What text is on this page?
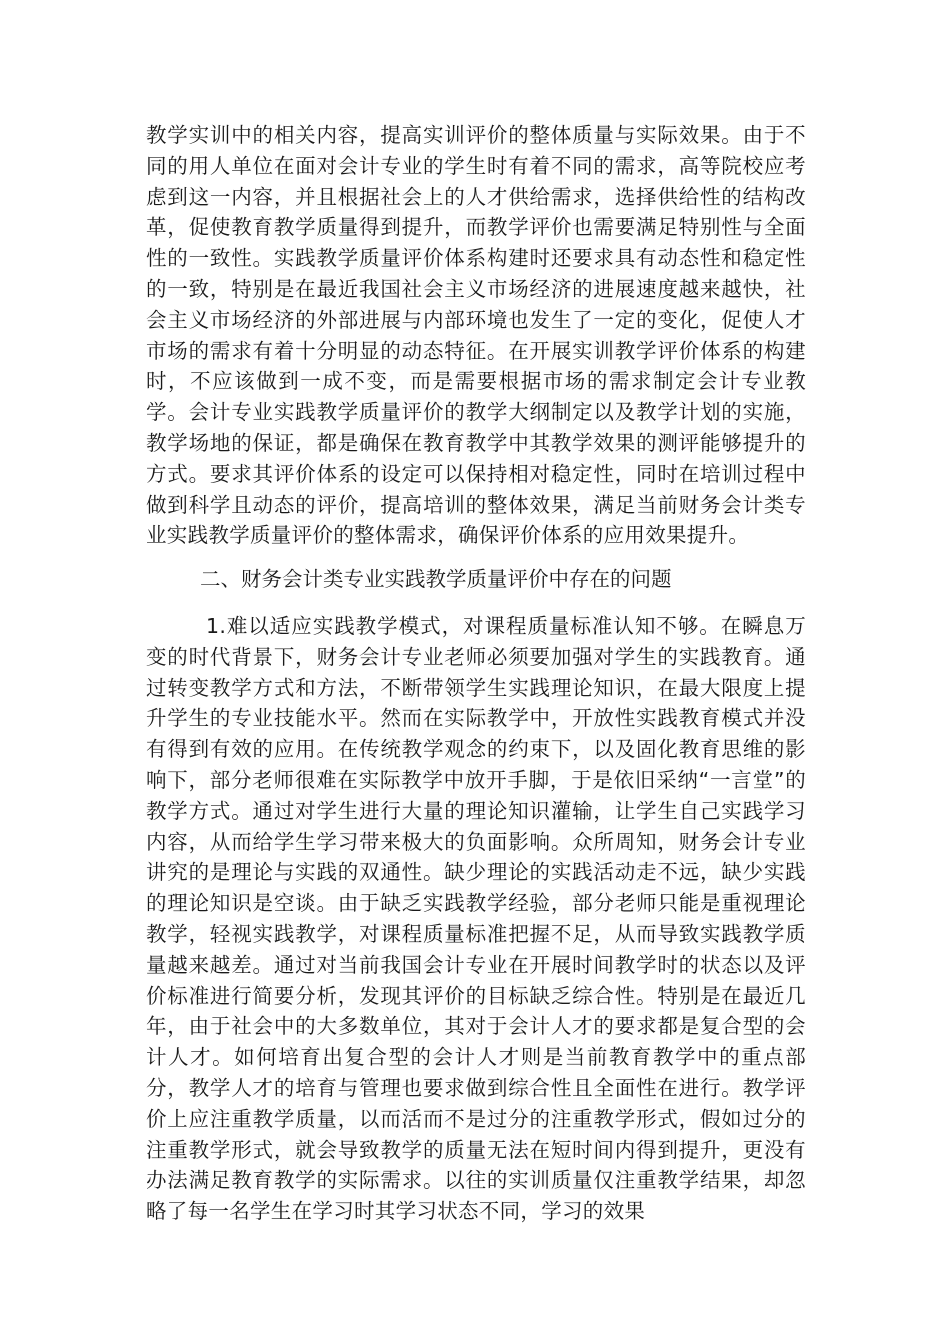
教学实训中的相关内容，提高实训评价的整体质量与实际效果。由于不同的用人单位在面对会计专业的学生时有着不同的需求，高等院校应考虑到这一内容，并且根据社会上的人才供给需求，选择供给性的结构改革，促使教育教学质量得到提升，而教学评价也需要满足特别性与全面性的一致性。实践教学质量评价体系构建时还要求具有动态性和稳定性的一致，特别是在最近我国社会主义市场经济的进展速度越来越快，社会主义市场经济的外部进展与内部环境也发生了一定的变化，促使人才市场的需求有着十分明显的动态特征。在开展实训教学评价体系的构建时，不应该做到一成不变，而是需要根据市场的需求制定会计专业教学。会计专业实践教学质量评价的教学大纲制定以及教学计划的实施，教学场地的保证，都是确保在教育教学中其教学效果的测评能够提升的方式。要求其评价体系的设定可以保持相对稳定性，同时在培训过程中做到科学且动态的评价，提高培训的整体效果，满足当前财务会计类专业实践教学质量评价的整体需求，确保评价体系的应用效果提升。
二、财务会计类专业实践教学质量评价中存在的问题
1.难以适应实践教学模式，对课程质量标准认知不够。在瞬息万变的时代背景下，财务会计专业老师必须要加强对学生的实践教育。通过转变教学方式和方法，不断带领学生实践理论知识，在最大限度上提升学生的专业技能水平。然而在实际教学中，开放性实践教育模式并没有得到有效的应用。在传统教学观念的约束下，以及固化教育思维的影响下，部分老师很难在实际教学中放开手脚，于是依旧采纳“一言堂”的教学方式。通过对学生进行大量的理论知识灌输，让学生自己实践学习内容，从而给学生学习带来极大的负面影响。众所周知，财务会计专业讲究的是理论与实践的双通性。缺少理论的实践活动走不远，缺少实践的理论知识是空谈。由于缺乏实践教学经验，部分老师只能是重视理论教学，轻视实践教学，对课程质量标准把握不足，从而导致实践教学质量越来越差。通过对当前我国会计专业在开展时间教学时的状态以及评价标准进行简要分析，发现其评价的目标缺乏综合性。特别是在最近几年，由于社会中的大多数单位，其对于会计人才的要求都是复合型的会计人才。如何培育出复合型的会计人才则是当前教育教学中的重点部分，教学人才的培育与管理也要求做到综合性且全面性在进行。教学评价上应注重教学质量，以而活而不是过分的注重教学形式，假如过分的注重教学形式，就会导致教学的质量无法在短时间内得到提升，更没有办法满足教育教学的实际需求。以往的实训质量仅注重教学结果，却忽略了每一名学生在学习时其学习状态不同，学习的效果
